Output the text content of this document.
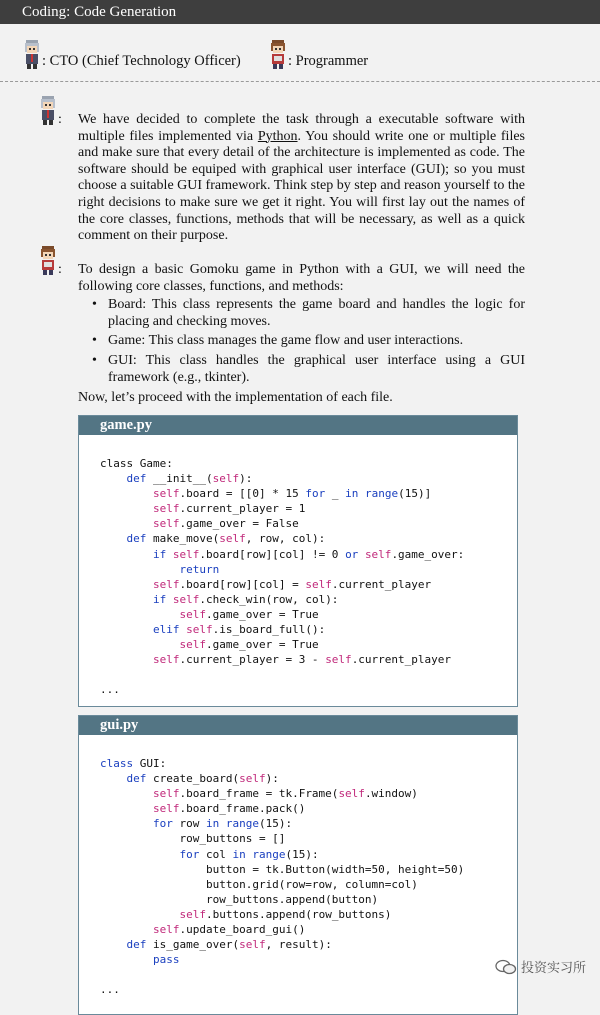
Coding: Code Generation
: CTO (Chief Technology Officer)	: Programmer
: We have decided to complete the task through a executable software with multiple files implemented via Python. You should write one or multiple files and make sure that every detail of the architecture is implemented as code. The software should be equiped with graphical user interface (GUI); so you must choose a suitable GUI framework. Think step by step and reason yourself to the right decisions to make sure we get it right. You will first lay out the names of the core classes, functions, methods that will be necessary, as well as a quick comment on their purpose.
: To design a basic Gomoku game in Python with a GUI, we will need the following core classes, functions, and methods:
• Board: This class represents the game board and handles the logic for placing and checking moves.
• Game: This class manages the game flow and user interactions.
• GUI: This class handles the graphical user interface using a GUI framework (e.g., tkinter).
Now, let’s proceed with the implementation of each file.
game.py
class Game:
def __init__(self):
self.board = [[0] * 15 for _ in range(15)]
self.current_player = 1
self.game_over = False
def make_move(self, row, col):
if self.board[row][col] != 0 or self.game_over:
return
self.board[row][col] = self.current_player
if self.check_win(row, col):
self.game_over = True
elif self.is_board_full():
self.game_over = True
self.current_player = 3 - self.current_player

...
gui.py
class GUI:
def create_board(self):
self.board_frame = tk.Frame(self.window)
self.board_frame.pack()
for row in range(15):
row_buttons = []
for col in range(15):
button = tk.Button(width=50, height=50)
button.grid(row=row, column=col)
row_buttons.append(button)
self.buttons.append(row_buttons)
self.update_board_gui()
def is_game_over(self, result):
pass

...
投资实习所
